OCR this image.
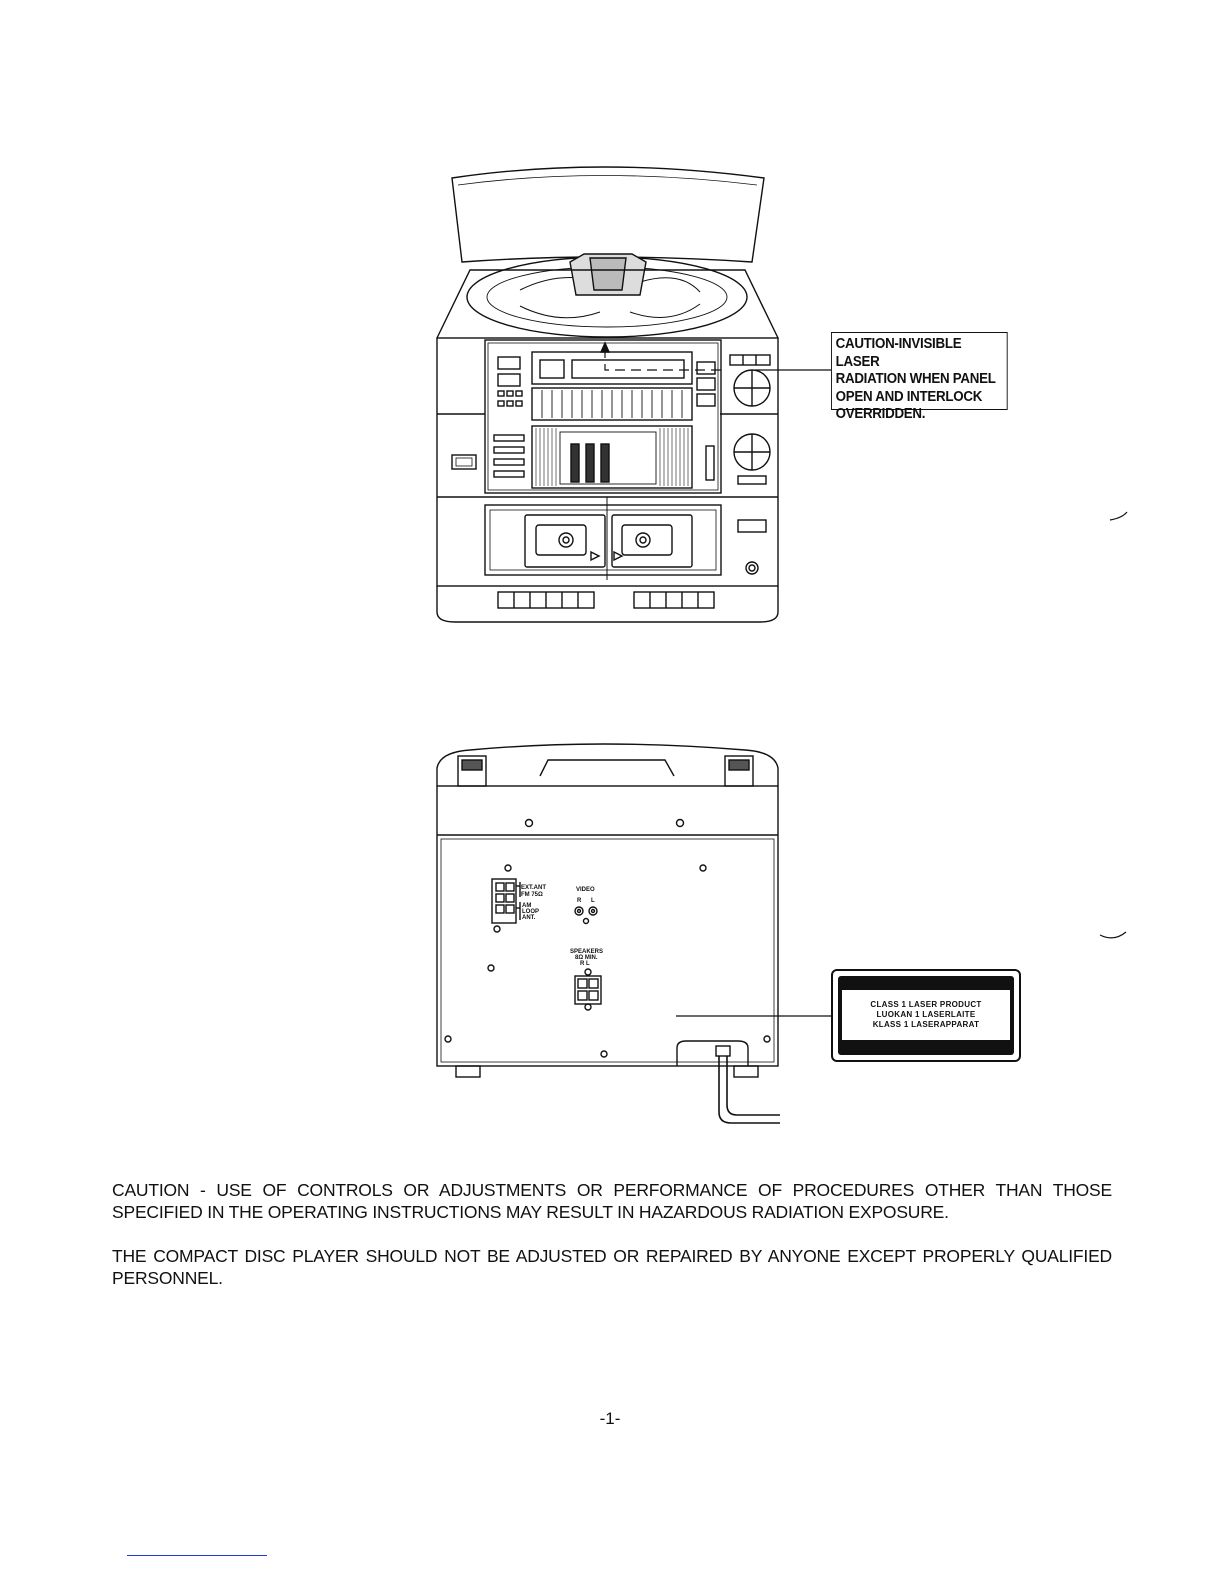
CAUTION-INVISIBLE LASER
RADIATION WHEN PANEL
OPEN AND INTERLOCK
OVERRIDDEN.
EXT.ANT
FM 75Ω
AM
LOOP
ANT.
VIDEO
R L
SPEAKERS
8Ω MIN.
R L
CLASS 1 LASER PRODUCT
LUOKAN 1 LASERLAITE
KLASS 1 LASERAPPARAT
CAUTION - USE OF CONTROLS OR ADJUSTMENTS OR PERFORMANCE OF PROCEDURES OTHER THAN THOSE SPECIFIED IN THE OPERATING INSTRUCTIONS MAY RESULT IN HAZARDOUS RADIATION EXPOSURE.
THE COMPACT DISC PLAYER SHOULD NOT BE ADJUSTED OR REPAIRED BY ANYONE EXCEPT PROPERLY QUALIFIED PERSONNEL.
-1-
